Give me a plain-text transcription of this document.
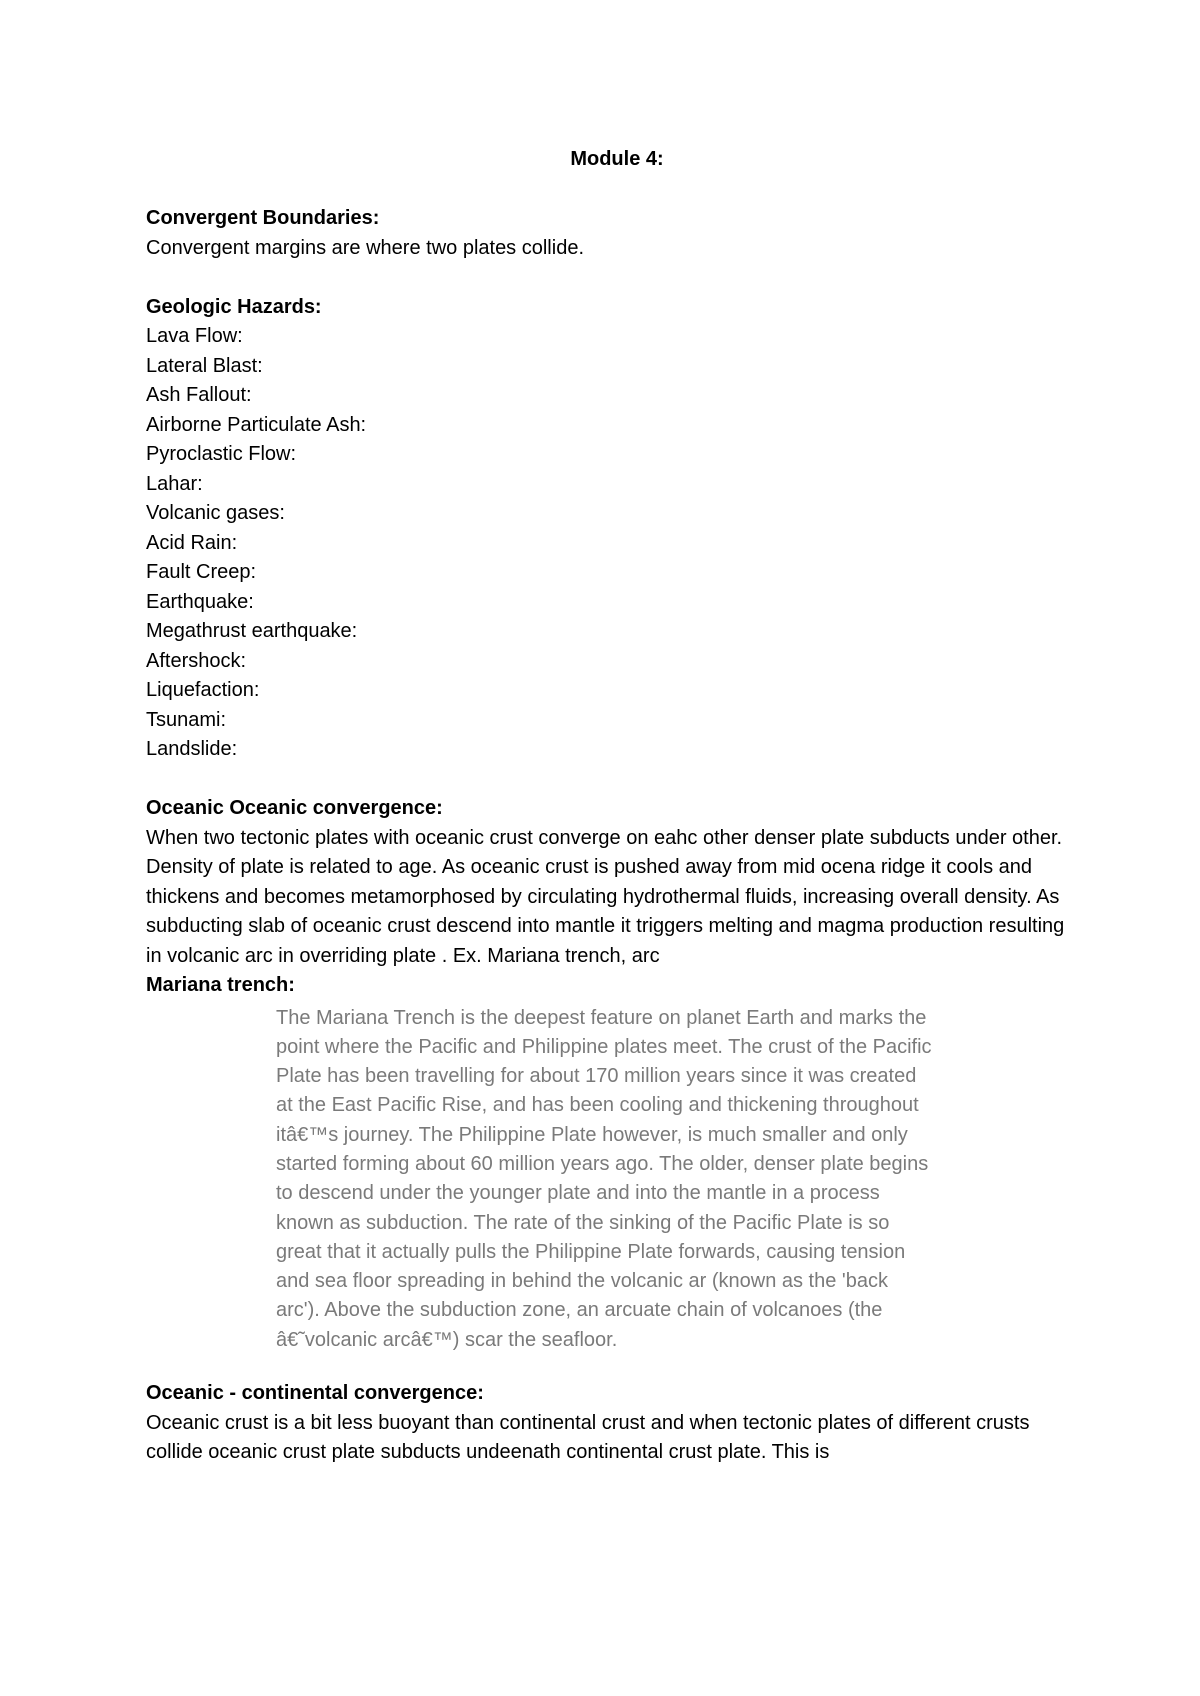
Module 4:

Convergent Boundaries:

Convergent margins are where two plates collide.

Geologic Hazards:

Lava Flow:
Lateral Blast:
Ash Fallout:
Airborne Particulate Ash:
Pyroclastic Flow:
Lahar:
Volcanic gases:
Acid Rain:
Fault Creep:
Earthquake:
Megathrust earthquake:
Aftershock:
Liquefaction:
Tsunami:
Landslide:

Oceanic Oceanic convergence:

When two tectonic plates with oceanic crust converge on eahc other denser plate subducts under other. Density of plate is related to age. As oceanic crust is pushed away from mid ocena ridge it cools and thickens and becomes metamorphosed by circulating hydrothermal fluids, increasing overall density. As subducting slab of oceanic crust descend into mantle it triggers melting and magma production resulting in volcanic arc in overriding plate . Ex. Mariana trench, arc

Mariana trench:

The Mariana Trench is the deepest feature on planet Earth and marks the point where the Pacific and Philippine plates meet. The crust of the Pacific Plate has been travelling for about 170 million years since it was created at the East Pacific Rise, and has been cooling and thickening throughout itâ€™s journey. The Philippine Plate however, is much smaller and only started forming about 60 million years ago. The older, denser plate begins to descend under the younger plate and into the mantle in a process known as subduction. The rate of the sinking of the Pacific Plate is so great that it actually pulls the Philippine Plate forwards, causing tension and sea floor spreading in behind the volcanic ar (known as the 'back arc'). Above the subduction zone, an arcuate chain of volcanoes (the â€˜volcanic arcâ€™) scar the seafloor.

Oceanic - continental convergence:

Oceanic crust is a bit less buoyant than continental crust and when tectonic plates of different crusts collide oceanic crust plate subducts undeenath continental crust plate. This is
